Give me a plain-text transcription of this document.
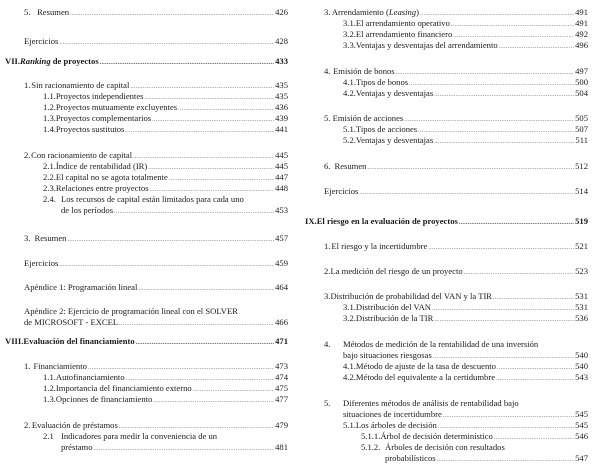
5. Resumen .....	426
Ejercicios .....	428
VII. Ranking de proyectos .....	433
1. Sin racionamiento de capital .....	435
1.1. Proyectos independientes .....	435
1.2. Proyectos mutuamente excluyentes .....	436
1.3. Proyectos complementarios .....	439
1.4. Proyectos sustitutos .....	441
2. Con racionamiento de capital .....	445
2.1. Índice de rentabilidad (IR) .....	445
2.2. El capital no se agota totalmente .....	447
2.3. Relaciones entre proyectos .....	448
2.4. Los recursos de capital están limitados para cada uno
de los períodos .....	453
3. Resumen .....	457
Ejercicios .....	459
Apéndice 1: Programación lineal .....	464
Apéndice 2: Ejercicio de programación lineal con el SOLVER
de MICROSOFT - EXCEL .....	466
VIII. Evaluación del financiamiento .....	471
1. Financiamiento .....	473
1.1. Autofinanciamiento .....	474
1.2. Importancia del financiamiento externo .....	475
1.3. Opciones de financiamiento .....	477
2. Evaluación de préstamos .....	479
2.1 Indicadores para medir la conveniencia de un
préstamo .....	481
3. Arrendamiento (Leasing) .....	491
3.1. El arrendamiento operativo .....	491
3.2. El arrendamiento financiero .....	492
3.3. Ventajas y desventajas del arrendamiento .....	496
4. Emisión de bonos .....	497
4.1. Tipos de bonos .....	500
4.2. Ventajas y desventajas .....	504
5. Emisión de acciones .....	505
5.1. Tipos de acciones .....	507
5.2. Ventajas y desventajas .....	511
6. Resumen .....	512
Ejercicios .....	514
IX. El riesgo en la evaluación de proyectos .....	519
1. El riesgo y la incertidumbre .....	521
2. La medición del riesgo de un proyecto .....	523
3. Distribución de probabilidad del VAN y la TIR .....	531
3.1. Distribución del VAN .....	531
3.2. Distribución de la TIR .....	536
4. Métodos de medición de la rentabilidad de una inversión
bajo situaciones riesgosas .....	540
4.1. Método de ajuste de la tasa de descuento .....	540
4.2. Método del equivalente a la certidumbre .....	543
5. Diferentes métodos de análisis de rentabilidad bajo
situaciones de incertidumbre .....	545
5.1. Los árboles de decisión .....	545
5.1.1. Árbol de decisión determinístico .....	546
5.1.2. Árboles de decisión con resultados
probabilísticos .....	547
